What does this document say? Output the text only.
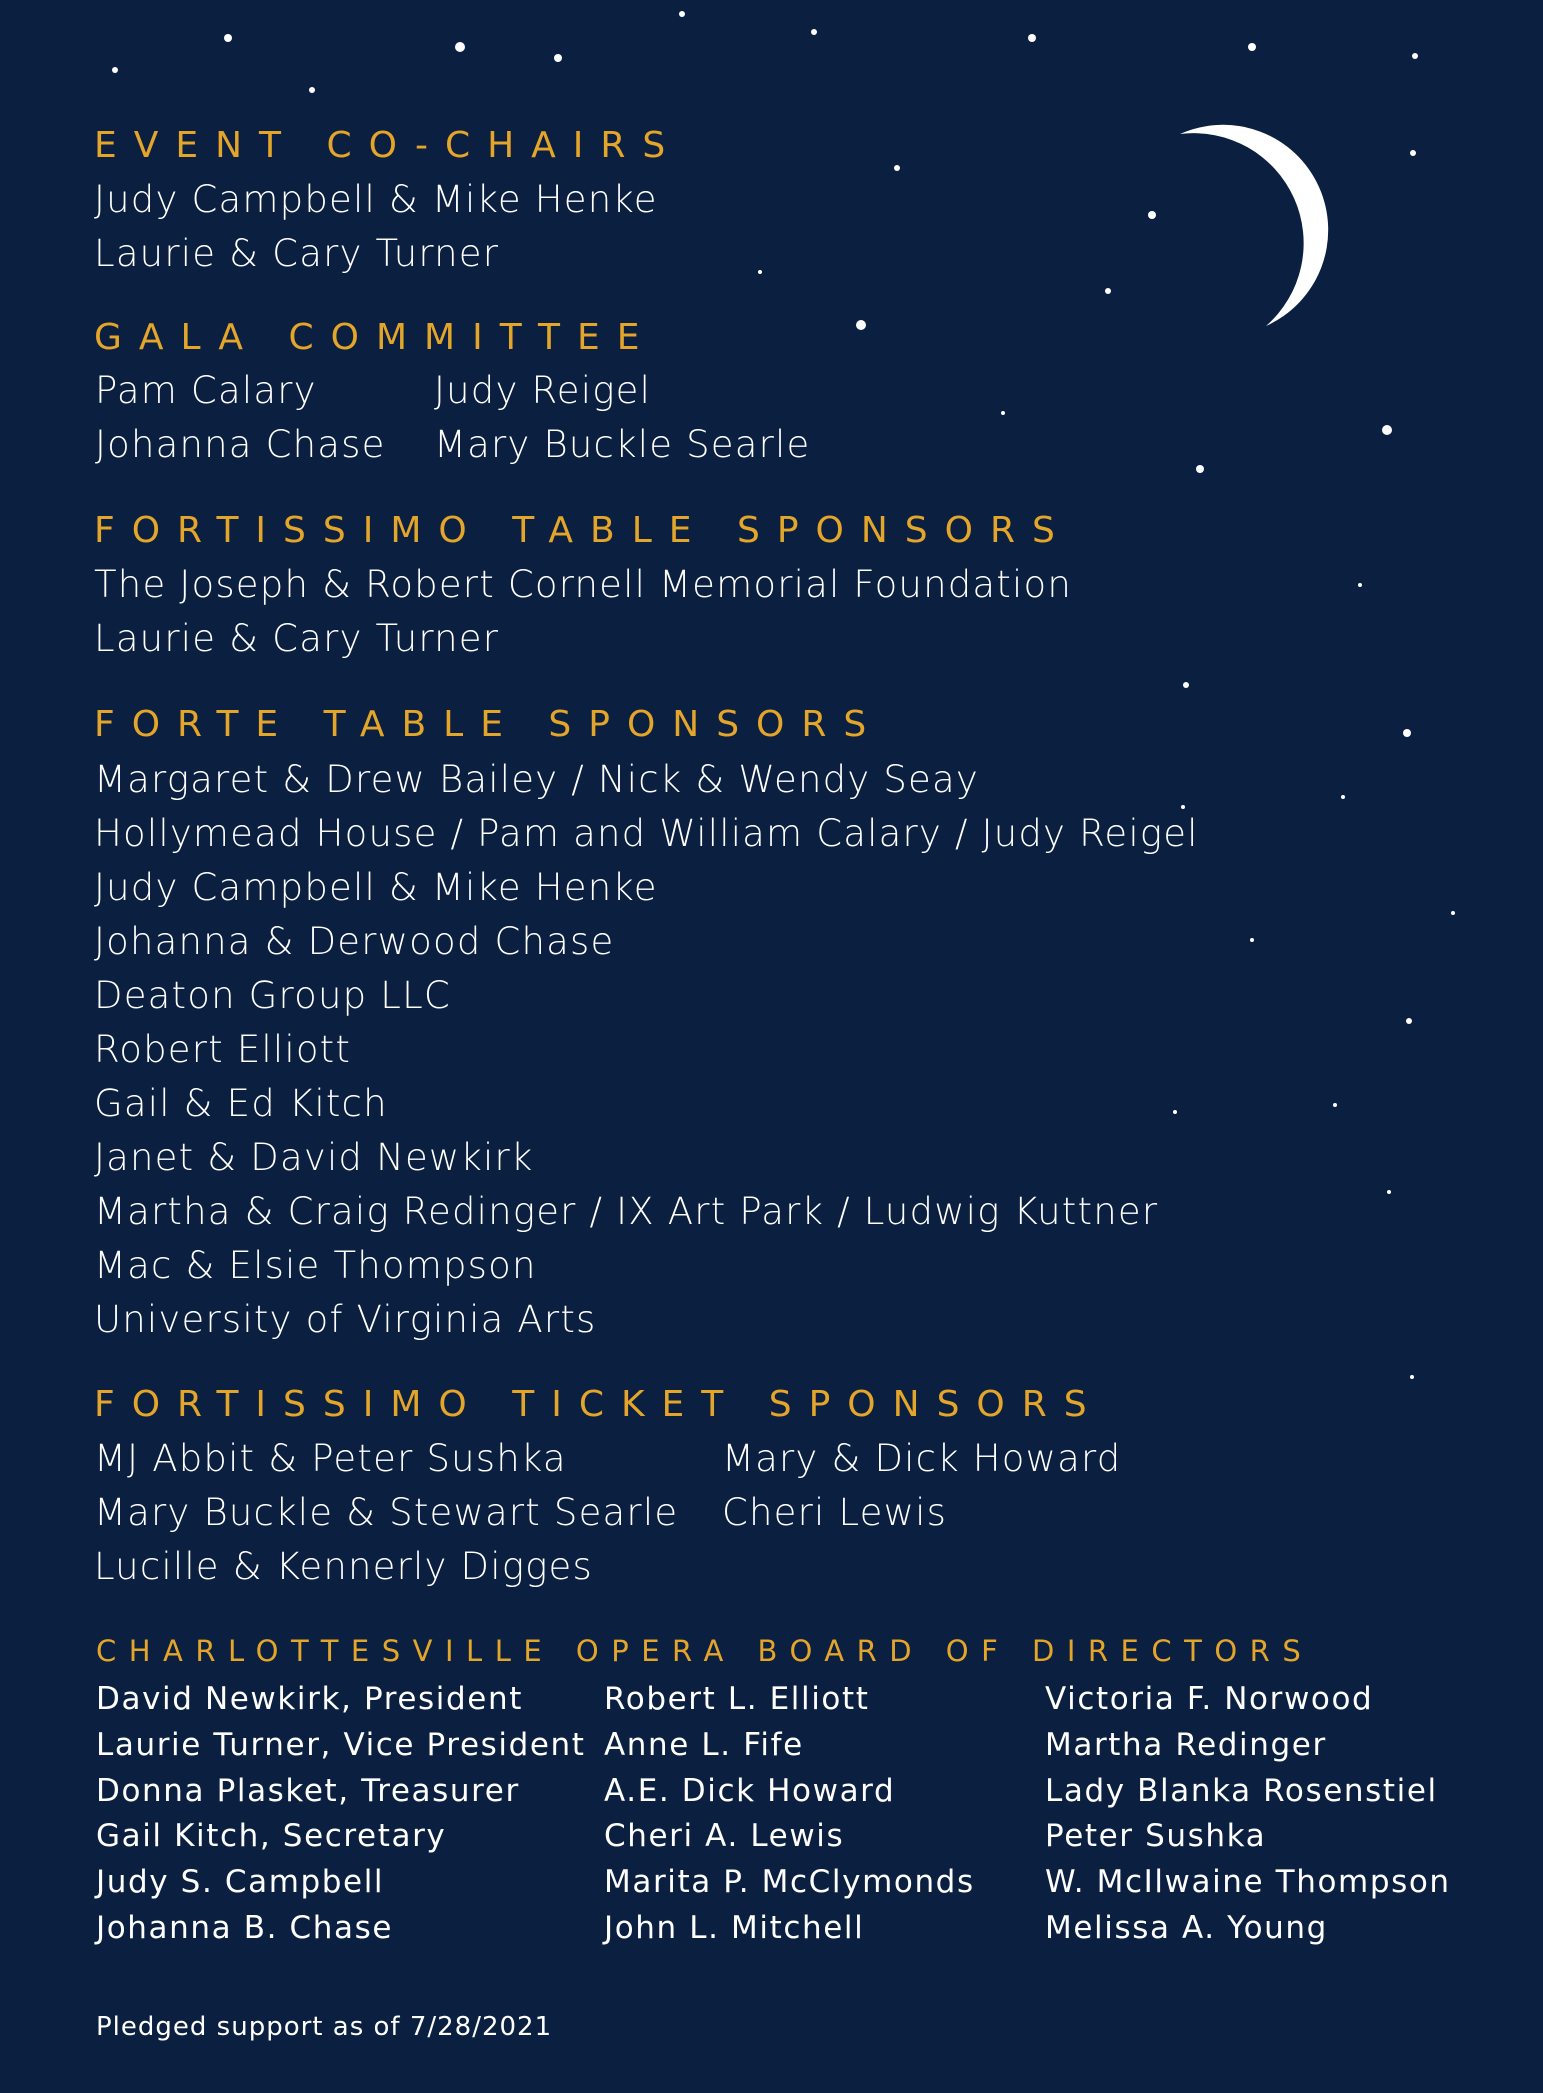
EVENT CO-CHAIRS
Judy Campbell & Mike Henke
Laurie & Cary Turner
GALA COMMITTEE
Pam Calary
Johanna Chase
Judy Reigel
Mary Buckle Searle
FORTISSIMO TABLE SPONSORS
The Joseph & Robert Cornell Memorial Foundation
Laurie & Cary Turner
FORTE TABLE SPONSORS
Margaret & Drew Bailey / Nick & Wendy Seay
Hollymead House / Pam and William Calary / Judy Reigel
Judy Campbell & Mike Henke
Johanna & Derwood Chase
Deaton Group LLC
Robert Elliott
Gail & Ed Kitch
Janet & David Newkirk
Martha & Craig Redinger / IX Art Park / Ludwig Kuttner
Mac & Elsie Thompson
University of Virginia Arts
FORTISSIMO TICKET SPONSORS
MJ Abbit & Peter Sushka
Mary Buckle & Stewart Searle
Lucille & Kennerly Digges
Mary & Dick Howard
Cheri Lewis
CHARLOTTESVILLE OPERA BOARD OF DIRECTORS
David Newkirk, President
Laurie Turner, Vice President
Donna Plasket, Treasurer
Gail Kitch, Secretary
Judy S. Campbell
Johanna B. Chase
Robert L. Elliott
Anne L. Fife
A.E. Dick Howard
Cheri A. Lewis
Marita P. McClymonds
John L. Mitchell
Victoria F. Norwood
Martha Redinger
Lady Blanka Rosenstiel
Peter Sushka
W. McIlwaine Thompson
Melissa A. Young
Pledged support as of 7/28/2021
